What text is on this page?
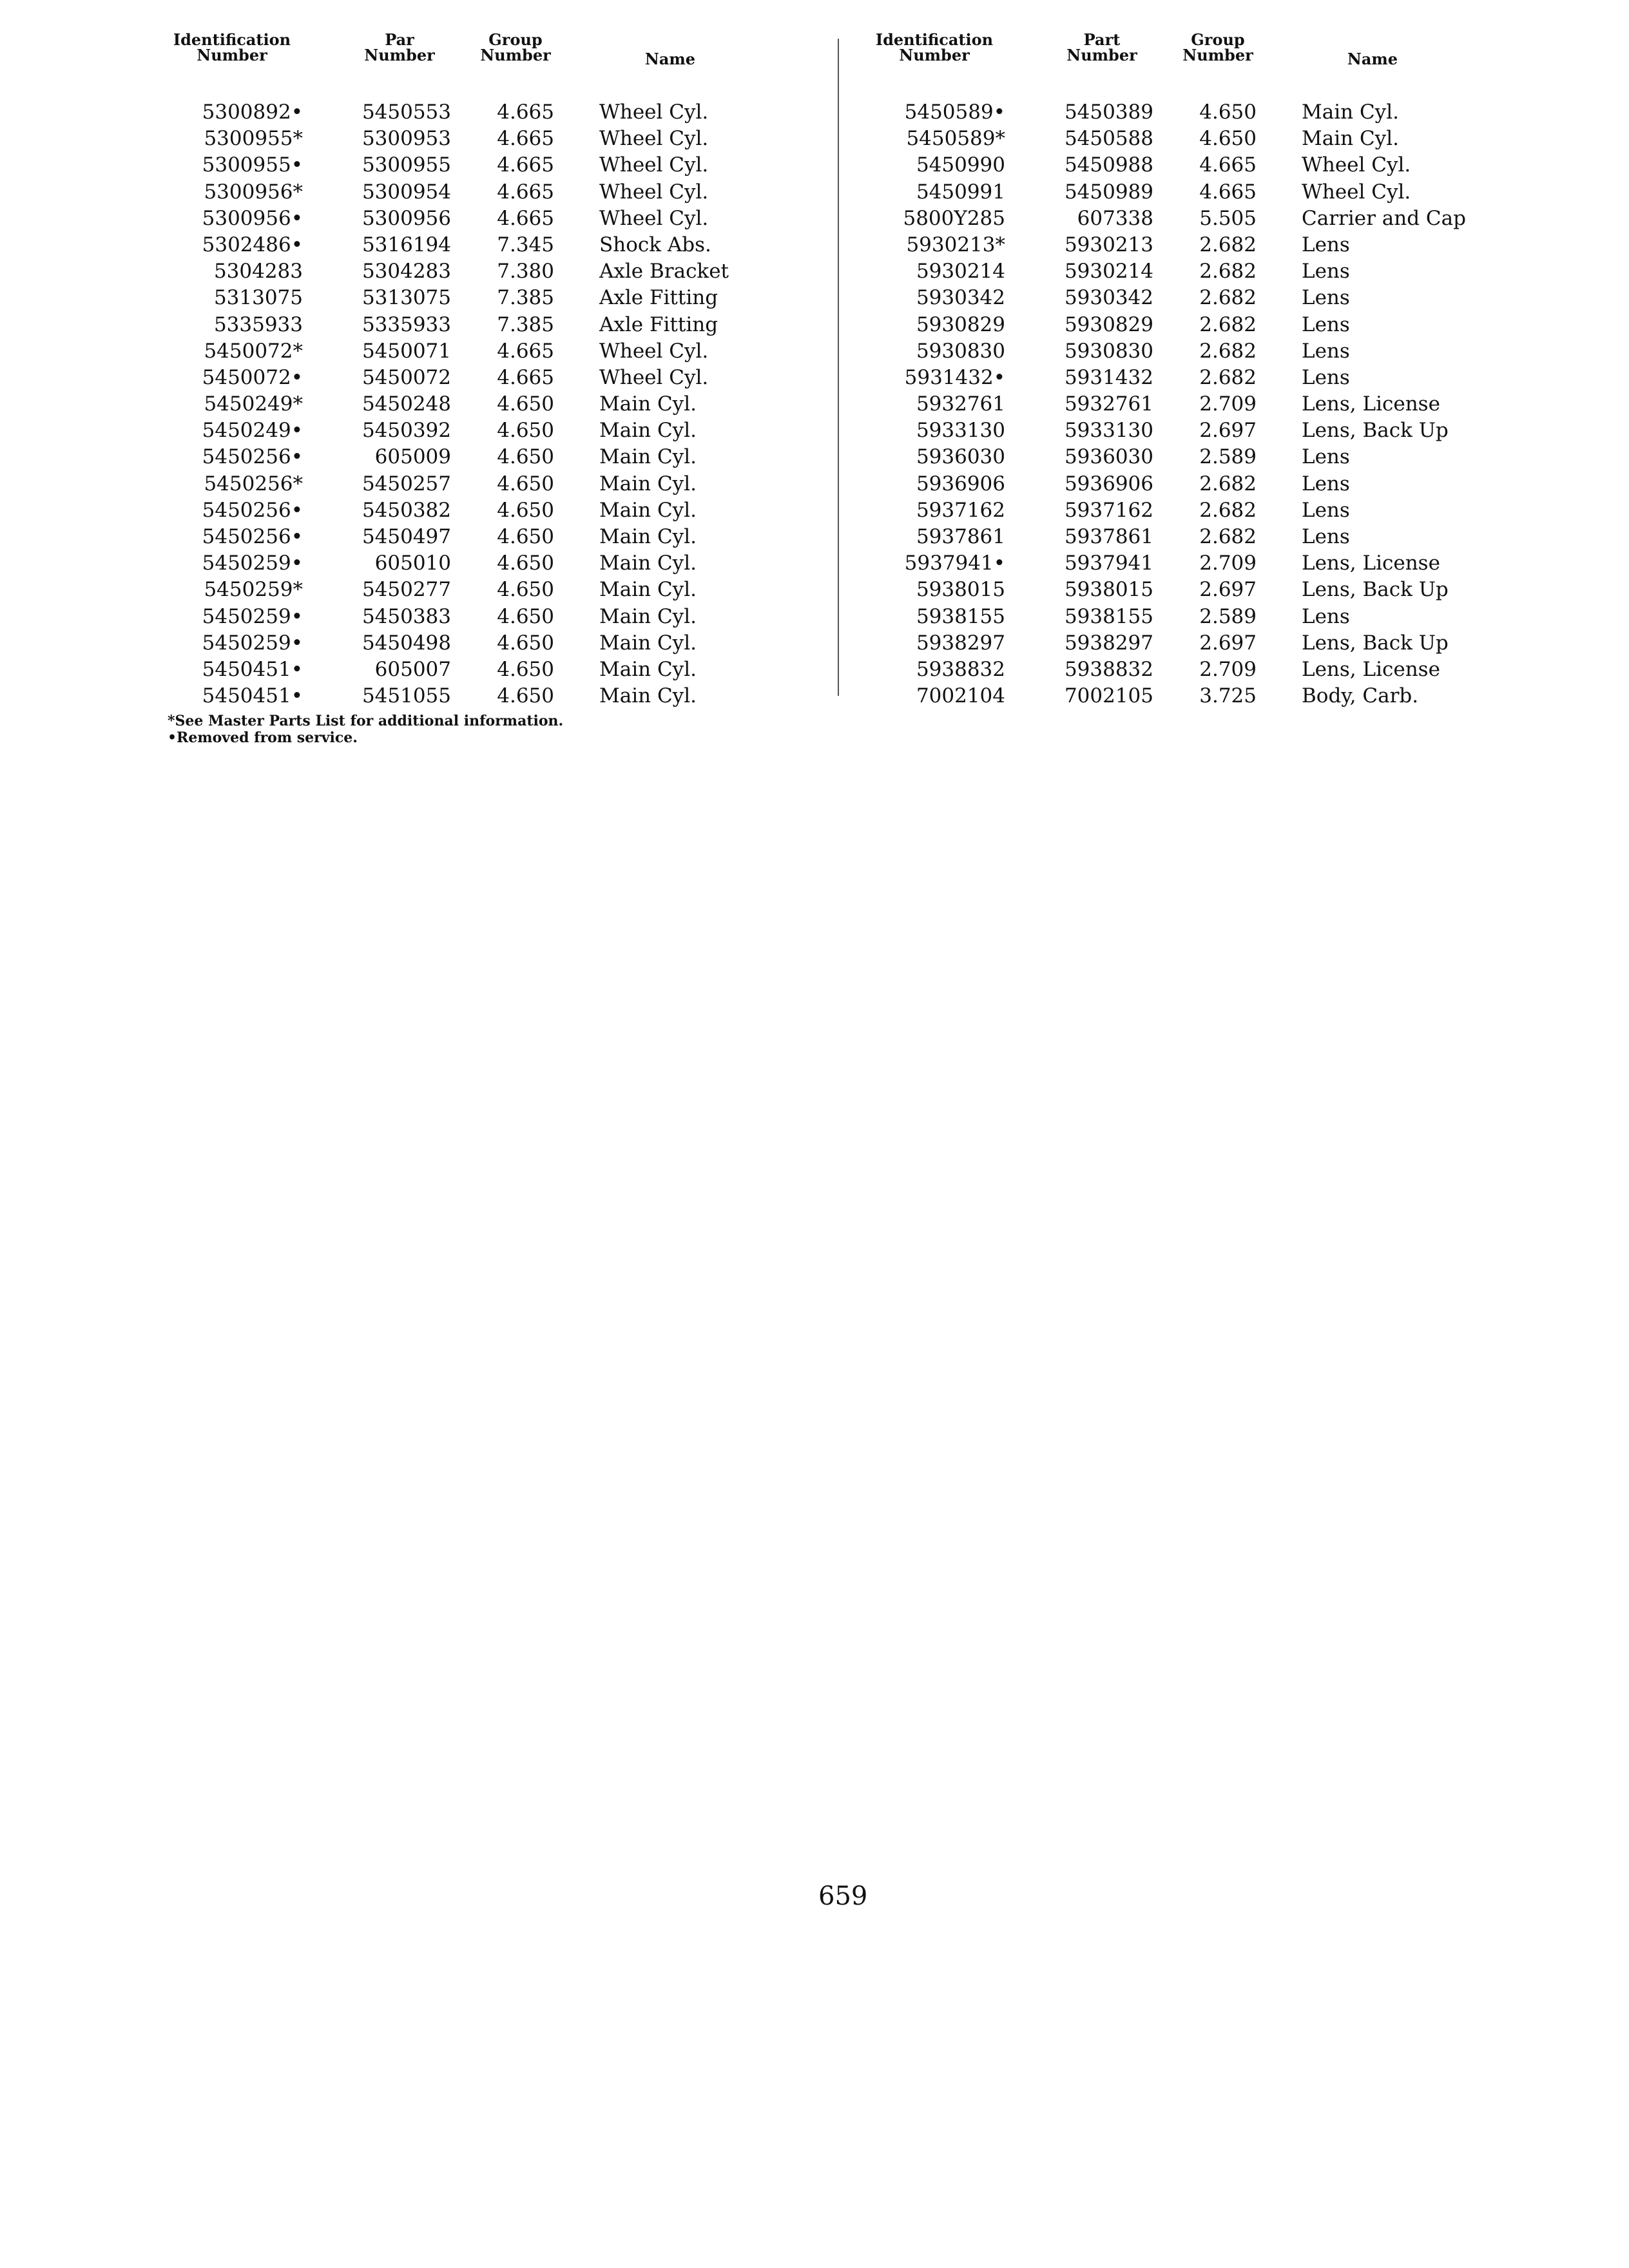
Identification
Number
Par
Number
Group
Number	Name
5300892•	5450553	4.665 Wheel Cyl.
5300955*	5300953	4.665 Wheel Cyl.
5300955•	5300955	4.665 Wheel Cyl.
5300956*	5300954	4.665 Wheel Cyl.
5300956•	5300956	4.665 Wheel Cyl.
5302486•	5316194	7.345 Shock Abs.
5304283	5304283	7.380 Axle Bracket
5313075	5313075	7.385 Axle Fitting
5335933	5335933	7.385 Axle Fitting
5450072*	5450071	4.665 Wheel Cyl.
5450072•	5450072	4.665 Wheel Cyl.
5450249*	5450248	4.650 Main Cyl.
5450249•	5450392	4.650 Main Cyl.
5450256•	605009	4.650 Main Cyl.
5450256*	5450257	4.650 Main Cyl.
5450256•	5450382	4.650 Main Cyl.
5450256•	5450497	4.650 Main Cyl.
5450259•	605010	4.650 Main Cyl.
5450259*	5450277	4.650 Main Cyl.
5450259•	5450383	4.650 Main Cyl.
5450259•	5450498	4.650 Main Cyl.
5450451•	605007	4.650 Main Cyl.
5450451•	5451055	4.650 Main Cyl.
Identification
Number
Part
Number
Group
Number	Name
5450589•	5450389	4.650 Main Cyl.
5450589*	5450588	4.650 Main Cyl.
5450990	5450988	4.665 Wheel Cyl.
5450991	5450989	4.665 Wheel Cyl.
5800Y285	607338	5.505 Carrier and Cap
5930213*	5930213	2.682 Lens
5930214	5930214	2.682 Lens
5930342	5930342	2.682 Lens
5930829	5930829	2.682 Lens
5930830	5930830	2.682 Lens
5931432•	5931432	2.682 Lens
5932761	5932761	2.709 Lens, License
5933130	5933130	2.697 Lens, Back Up
5936030	5936030	2.589 Lens
5936906	5936906	2.682 Lens
5937162	5937162	2.682 Lens
5937861	5937861	2.682 Lens
5937941•	5937941	2.709 Lens, License
5938015	5938015	2.697 Lens, Back Up
5938155	5938155	2.589 Lens
5938297	5938297	2.697 Lens, Back Up
5938832	5938832	2.709 Lens, License
7002104	7002105	3.725 Body, Carb.
*See Master Parts List for additional information.
•Removed from service.
659
